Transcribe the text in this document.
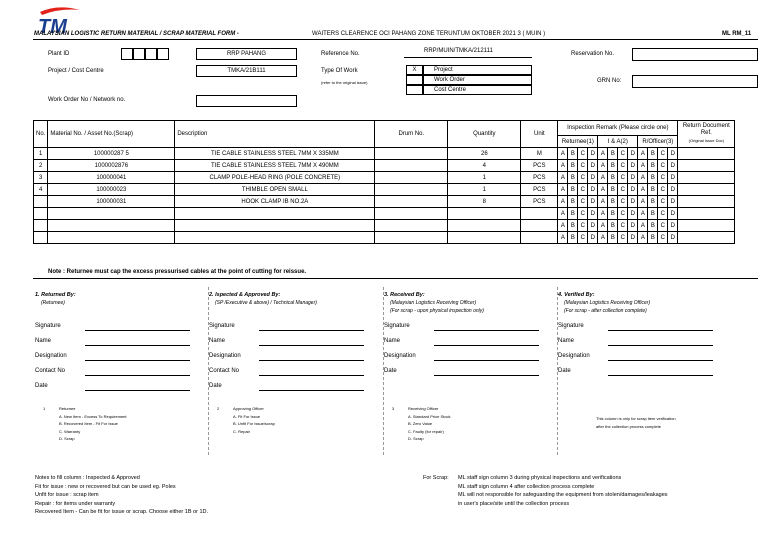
TM
MALAYSIAN LOGISTIC RETURN MATERIAL / SCRAP MATERIAL FORM -	WAITERS CLEARENCE OCI PAHANG ZONE TERUNTUM OKTOBER 2021 3 ( MUIN )	ML RM_11
Plant ID	RRP PAHANG
Project / Cost Centre	TMKA/21B111
Work Order No / Network no.
Reference No.	RRP/MUIN/TMKA/212111
Type Of Work
(refer to the original issue)
X	Project
Work Order
Cost Centre
Reservation No.
GRN No:
No.	Material No. / Asset No.(Scrap)	Description	Drum No.	Quantity	Unit	Inspection Remark (Please circle one)												Return Document Ref.
(Original Issue Doc)
						Returnee(1)				I & A(2)				R/Officer(3)				
1	100000287 5	TIE CABLE STAINLESS STEEL 7MM X 335MM		26	M	A	B	C	D	A	B	C	D	A	B	C	D	
2	1000002876	TIE CABLE STAINLESS STEEL 7MM X 490MM		4	PCS	A	B	C	D	A	B	C	D	A	B	C	D	
3	100000041	CLAMP POLE-HEAD RING (POLE CONCRETE)		1	PCS	A	B	C	D	A	B	C	D	A	B	C	D	
4	100000023	THIMBLE OPEN SMALL		1	PCS	A	B	C	D	A	B	C	D	A	B	C	D	
	100000031	HOOK CLAMP IB NO.2A		8	PCS	A	B	C	D	A	B	C	D	A	B	C	D	
						A	B	C	D	A	B	C	D	A	B	C	D	
						A	B	C	D	A	B	C	D	A	B	C	D	
						A	B	C	D	A	B	C	D	A	B	C	D	
Note : Returnee must cap the excess pressurised cables at the point of cutting for reissue.
1. Returned By:
(Returnee)
Signature
Name
Designation
Contact No
Date
1	Returnee
A. New Item - Excess To Requirement
B. Recovered Item - Fit For Issue
C. Warranty
D. Scrap
2. Ispected & Approved By:
(SP /Executive & above) / Technical Manager)
Signature
Name
Designation
Contact No
Date
2	Approving Officer
A. Fit For Issue
B. Unfit For Issue/scrap
C. Repair
3. Received By:
(Malaysian Logistics Receiving Officer)
(For scrap - upon physical inspection only)
Signature
Name
Designation
Date
3	Receiving Officer
A. Standard Price Stock
B. Zero Value
C. Faulty (for repair)
D. Scrap
4. Verified By:
(Malaysian Logistics Receiving Officer)
(For scrap - after collection complete)
Signature
Name
Designation
Date
This column is only for scrap item verification
after the collection process complete
Notes to fill column : Inspected & Approved
Fit for issue : new or recovered but can be used eg. Poles
Unfit for issue : scrap item
Repair : for items under warranty
Recovered Item - Can be fit for issue or scrap. Choose either 1B or 1D.
For Scrap: ML staff sign column 3 during physical inspections and verifications
ML staff sign column 4 after collection process complete
ML will not responsible for safeguarding the equipment from stolen/damages/leakages
in user's place/site until the collection process
